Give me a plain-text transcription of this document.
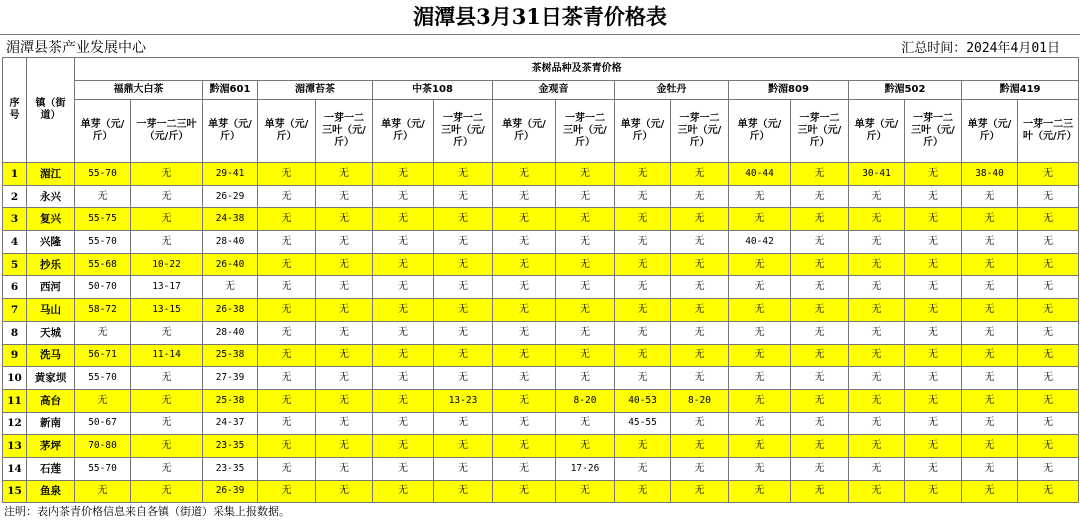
湄潭县3月31日茶青价格表
湄潭县茶产业发展中心	汇总时间：2024年4月01日
序号	镇（街道）	茶树品种及茶青价格																
		福鼎大白茶		黔湄601	湄潭苔茶		中茶108		金观音		金牡丹		黔湄809		黔湄502		黔湄419	
		单芽（元/斤）	一芽一二三叶（元/斤）	单芽（元/斤）	单芽（元/斤）	一芽一二三叶（元/斤）	单芽（元/斤）	一芽一二三叶（元/斤）	单芽（元/斤）	一芽一二三叶（元/斤）	单芽（元/斤）	一芽一二三叶（元/斤）	单芽（元/斤）	一芽一二三叶（元/斤）	单芽（元/斤）	一芽一二三叶（元/斤）	单芽（元/斤）	一芽一二三叶（元/斤）
1	湄江	55-70	无	29-41	无	无	无	无	无	无	无	无	40-44	无	30-41	无	38-40	无
2	永兴	无	无	26-29	无	无	无	无	无	无	无	无	无	无	无	无	无	无
3	复兴	55-75	无	24-38	无	无	无	无	无	无	无	无	无	无	无	无	无	无
4	兴隆	55-70	无	28-40	无	无	无	无	无	无	无	无	40-42	无	无	无	无	无
5	抄乐	55-68	10-22	26-40	无	无	无	无	无	无	无	无	无	无	无	无	无	无
6	西河	50-70	13-17	无	无	无	无	无	无	无	无	无	无	无	无	无	无	无
7	马山	58-72	13-15	26-38	无	无	无	无	无	无	无	无	无	无	无	无	无	无
8	天城	无	无	28-40	无	无	无	无	无	无	无	无	无	无	无	无	无	无
9	洗马	56-71	11-14	25-38	无	无	无	无	无	无	无	无	无	无	无	无	无	无
10	黄家坝	55-70	无	27-39	无	无	无	无	无	无	无	无	无	无	无	无	无	无
11	高台	无	无	25-38	无	无	无	13-23	无	8-20	40-53	8-20	无	无	无	无	无	无
12	新南	50-67	无	24-37	无	无	无	无	无	无	45-55	无	无	无	无	无	无	无
13	茅坪	70-80	无	23-35	无	无	无	无	无	无	无	无	无	无	无	无	无	无
14	石莲	55-70	无	23-35	无	无	无	无	无	17-26	无	无	无	无	无	无	无	无
15	鱼泉	无	无	26-39	无	无	无	无	无	无	无	无	无	无	无	无	无	无
注明：表内茶青价格信息来自各镇（街道）采集上报数据。
